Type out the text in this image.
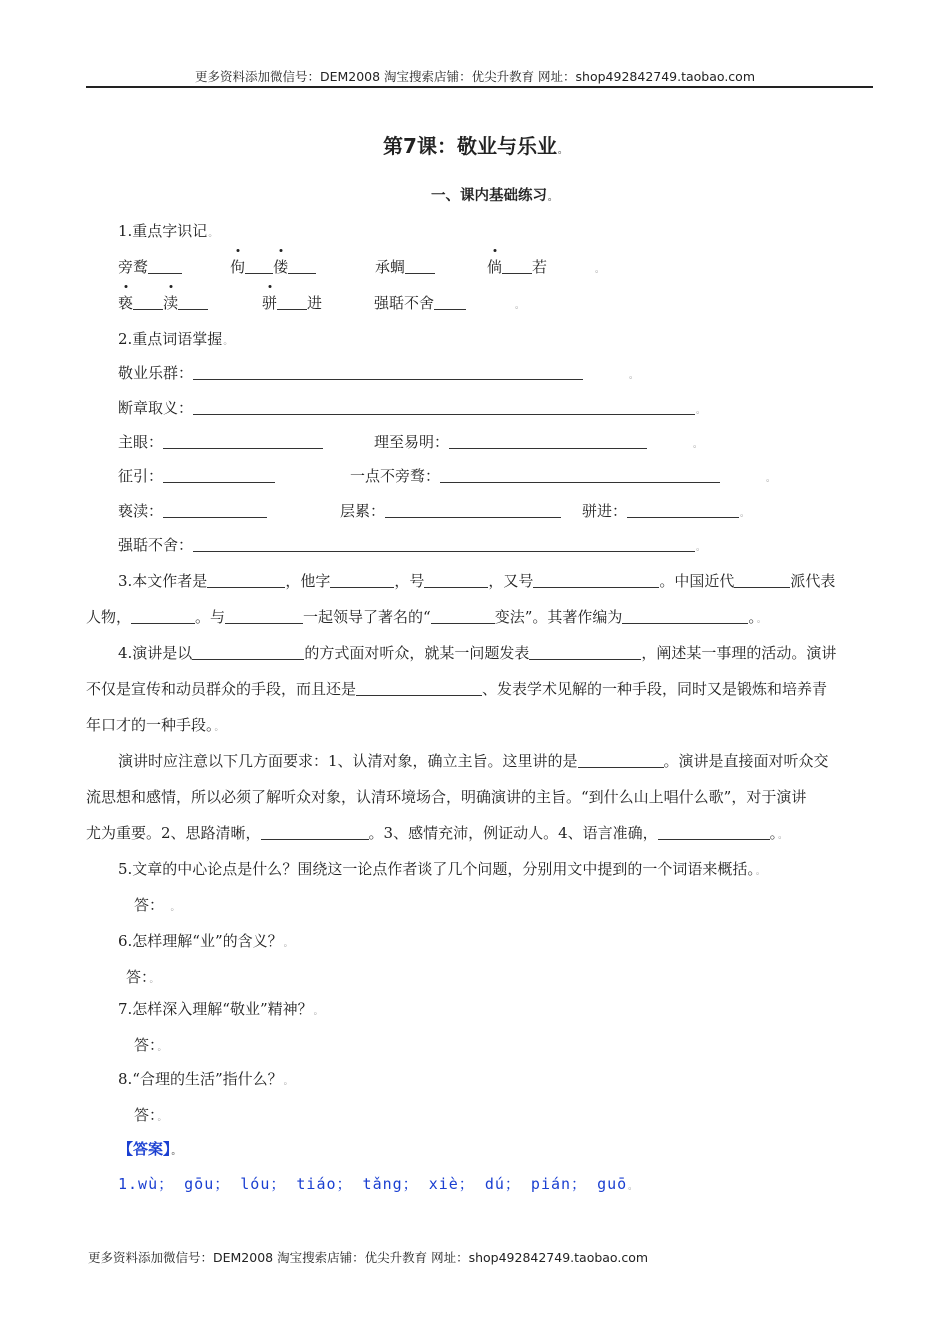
更多资料添加微信号：DEM2008 淘宝搜索店铺：优尖升教育 网址：shop492842749.taobao.com
第7课：敬业与乐业。
一、课内基础练习。
1.重点字识记。
旁鹜	佝 偻	承蜩	倘 若	。
亵 渎	骈 进	强聒不舍	。
2.重点词语掌握。
敬业乐群：	。
断章取义：	。
主眼：	理至易明：	。
征引：	一点不旁骛：	。
亵渎：	层累：	骈进：	。
强聒不舍：	。
3.本文作者是	，他字	，号	，又号	。中国近代	派代表
人物，	。与	一起领导了著名的“	变法”。其著作编为	。。
4.演讲是以	的方式面对听众，就某一问题发表	，阐述某一事理的活动。演讲
不仅是宣传和动员群众的手段，而且还是	、发表学术见解的一种手段，同时又是锻炼和培养青
年口才的一种手段。。
演讲时应注意以下几方面要求：1、认清对象，确立主旨。这里讲的是	。演讲是直接面对听众交
流思想和感情，所以必须了解听众对象，认清环境场合，明确演讲的主旨。“到什么山上唱什么歌”，对于演讲
尤为重要。2、思路清晰，	。3、感情充沛，例证动人。4、语言准确，	。。
5.文章的中心论点是什么？围绕这一论点作者谈了几个问题，分别用文中提到的一个词语来概括。。
答： 。
6.怎样理解“业”的含义？。
答：。
7.怎样深入理解“敬业”精神？。
答：。
8.“合理的生活”指什么？。
答：。
【答案】。
1.wù； gōu； lóu； tiáo； tǎng； xiè； dú； pián； guō。
更多资料添加微信号：DEM2008 淘宝搜索店铺：优尖升教育 网址：shop492842749.taobao.com
